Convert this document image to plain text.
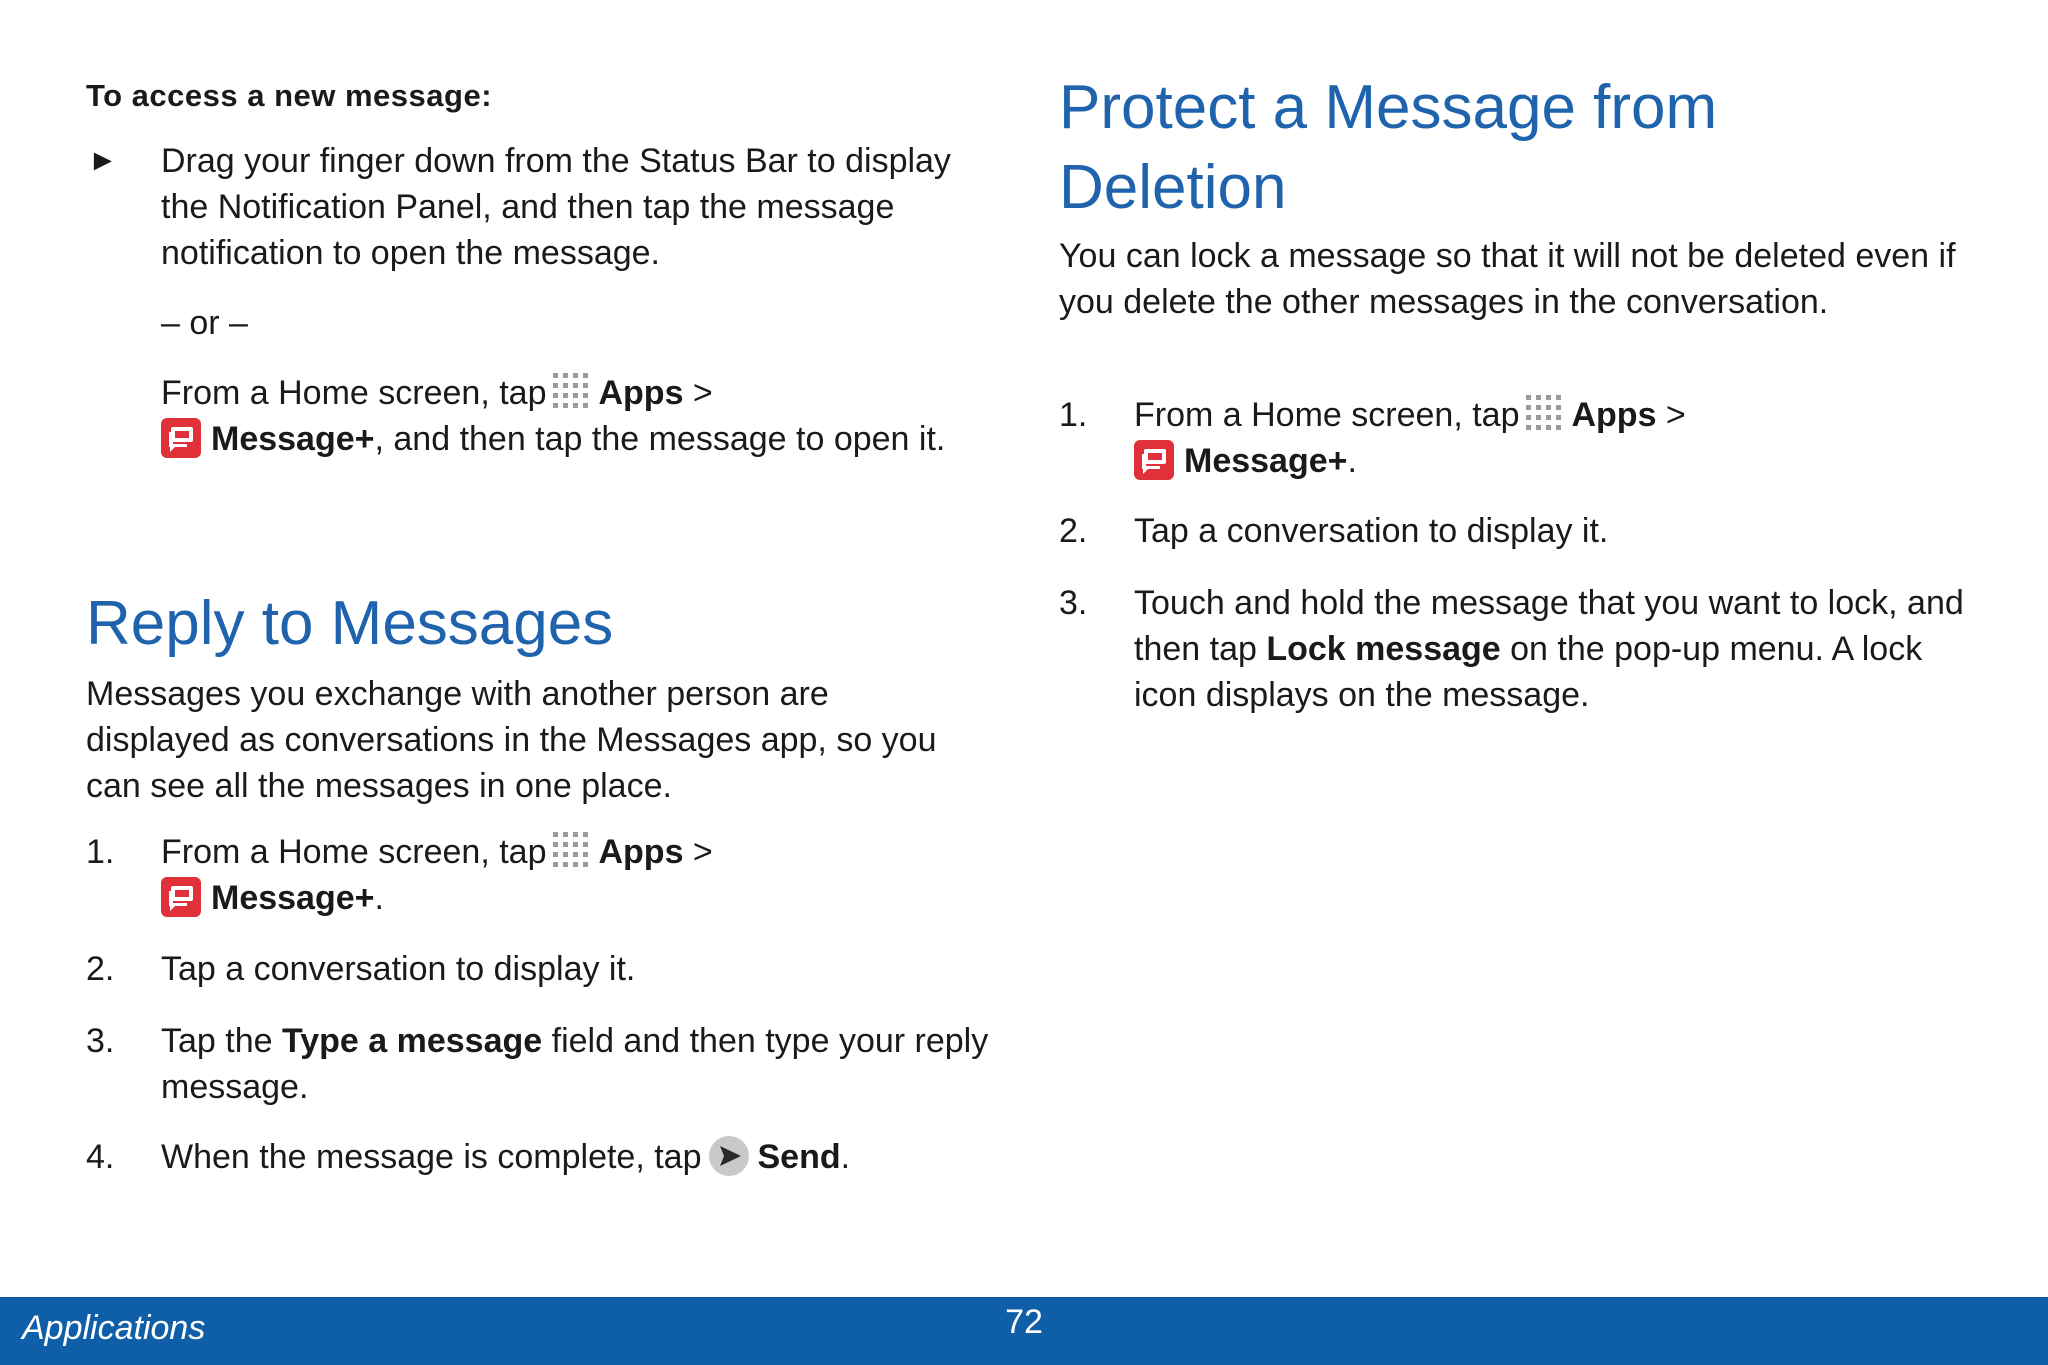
To access a new message:
► Drag your finger down from the Status Bar to display the Notification Panel, and then tap the message notification to open the message.
– or –
From a Home screen, tap Apps >
Message+, and then tap the message to open it.
Reply to Messages
Messages you exchange with another person are displayed as conversations in the Messages app, so you can see all the messages in one place.
1. From a Home screen, tap Apps >
Message+.
2. Tap a conversation to display it.
3. Tap the Type a message field and then type your reply message.
4. When the message is complete, tap Send.
Protect a Message from
Deletion
You can lock a message so that it will not be deleted even if you delete the other messages in the conversation.
1. From a Home screen, tap Apps >
Message+.
2. Tap a conversation to display it.
3. Touch and hold the message that you want to lock, and then tap Lock message on the pop-up menu. A lock icon displays on the message.
Applications	72
